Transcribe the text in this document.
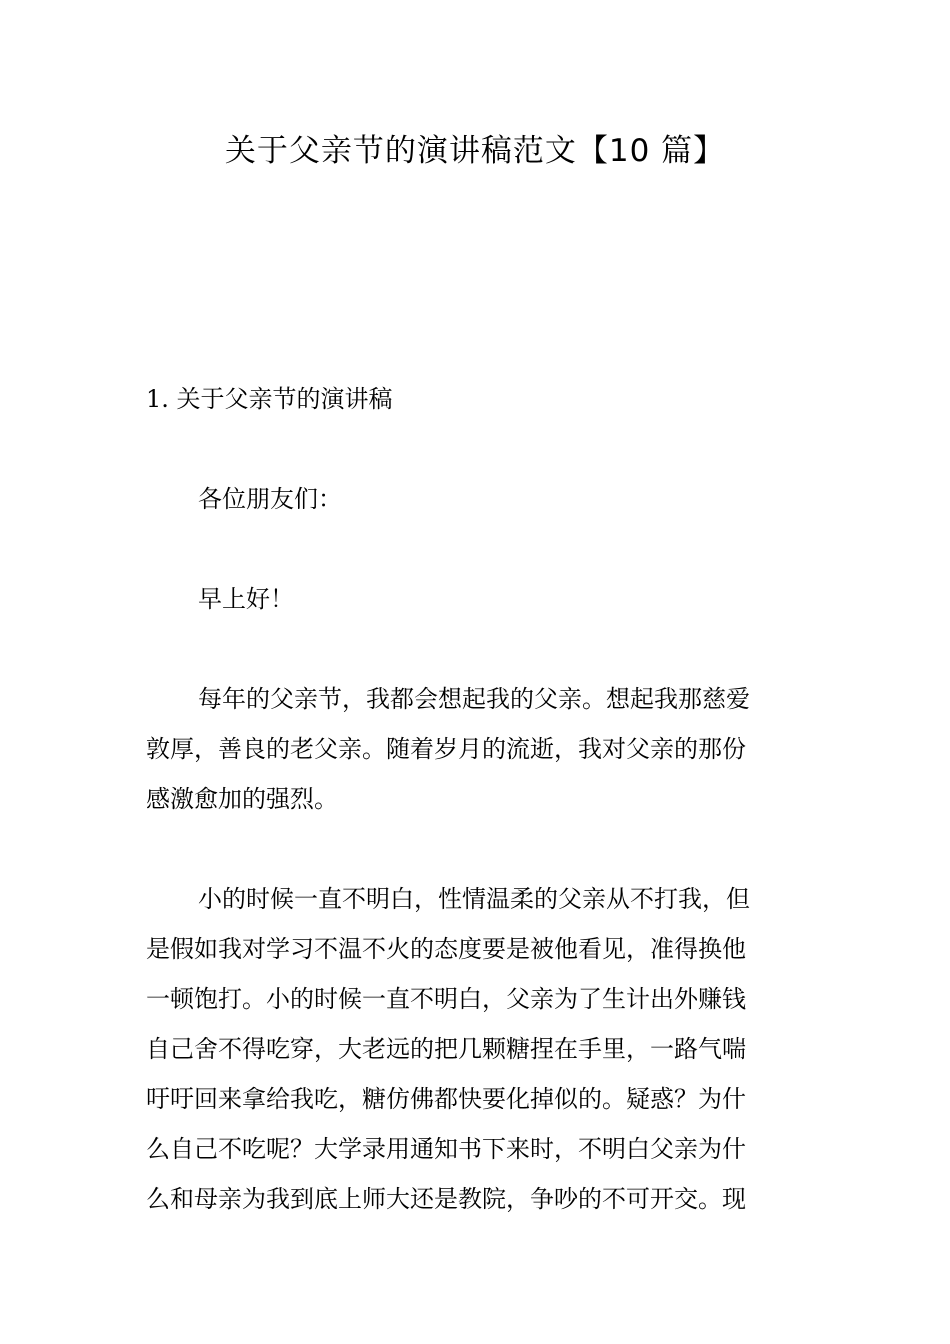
关于父亲节的演讲稿范文【10 篇】

1. 关于父亲节的演讲稿

各位朋友们：

早上好！

每年的父亲节，我都会想起我的父亲。想起我那慈爱
敦厚，善良的老父亲。随着岁月的流逝，我对父亲的那份
感激愈加的强烈。

小的时候一直不明白，性情温柔的父亲从不打我，但
是假如我对学习不温不火的态度要是被他看见，准得换他
一顿饱打。小的时候一直不明白，父亲为了生计出外赚钱
自己舍不得吃穿，大老远的把几颗糖捏在手里，一路气喘
吁吁回来拿给我吃，糖仿佛都快要化掉似的。疑惑？为什
么自己不吃呢？大学录用通知书下来时，不明白父亲为什
么和母亲为我到底上师大还是教院，争吵的不可开交。现
